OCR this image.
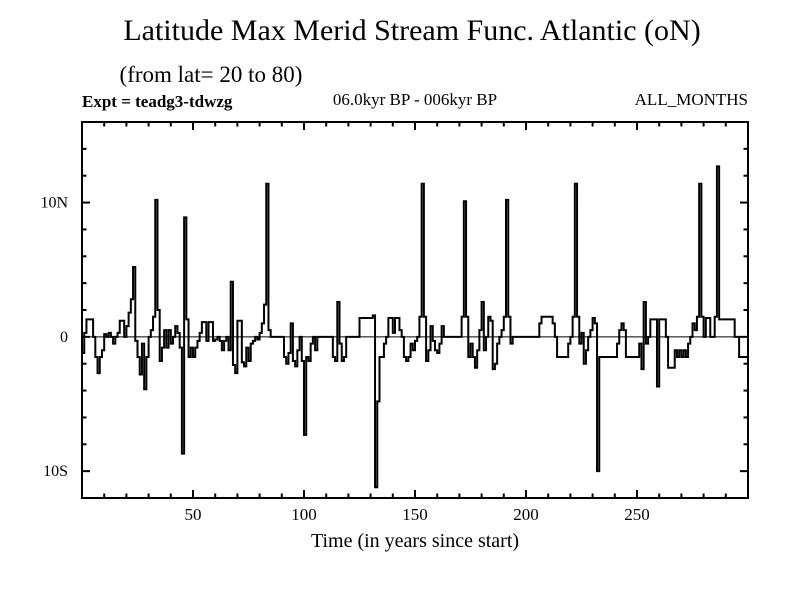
50	100	150	200	250
10N
0
10S
Latitude Max Merid Stream Func. Atlantic (oN)
(from lat= 20 to 80)
Expt = teadg3-tdwzg	06.0kyr BP - 006kyr BP	ALL_MONTHS
Time (in years since start)
